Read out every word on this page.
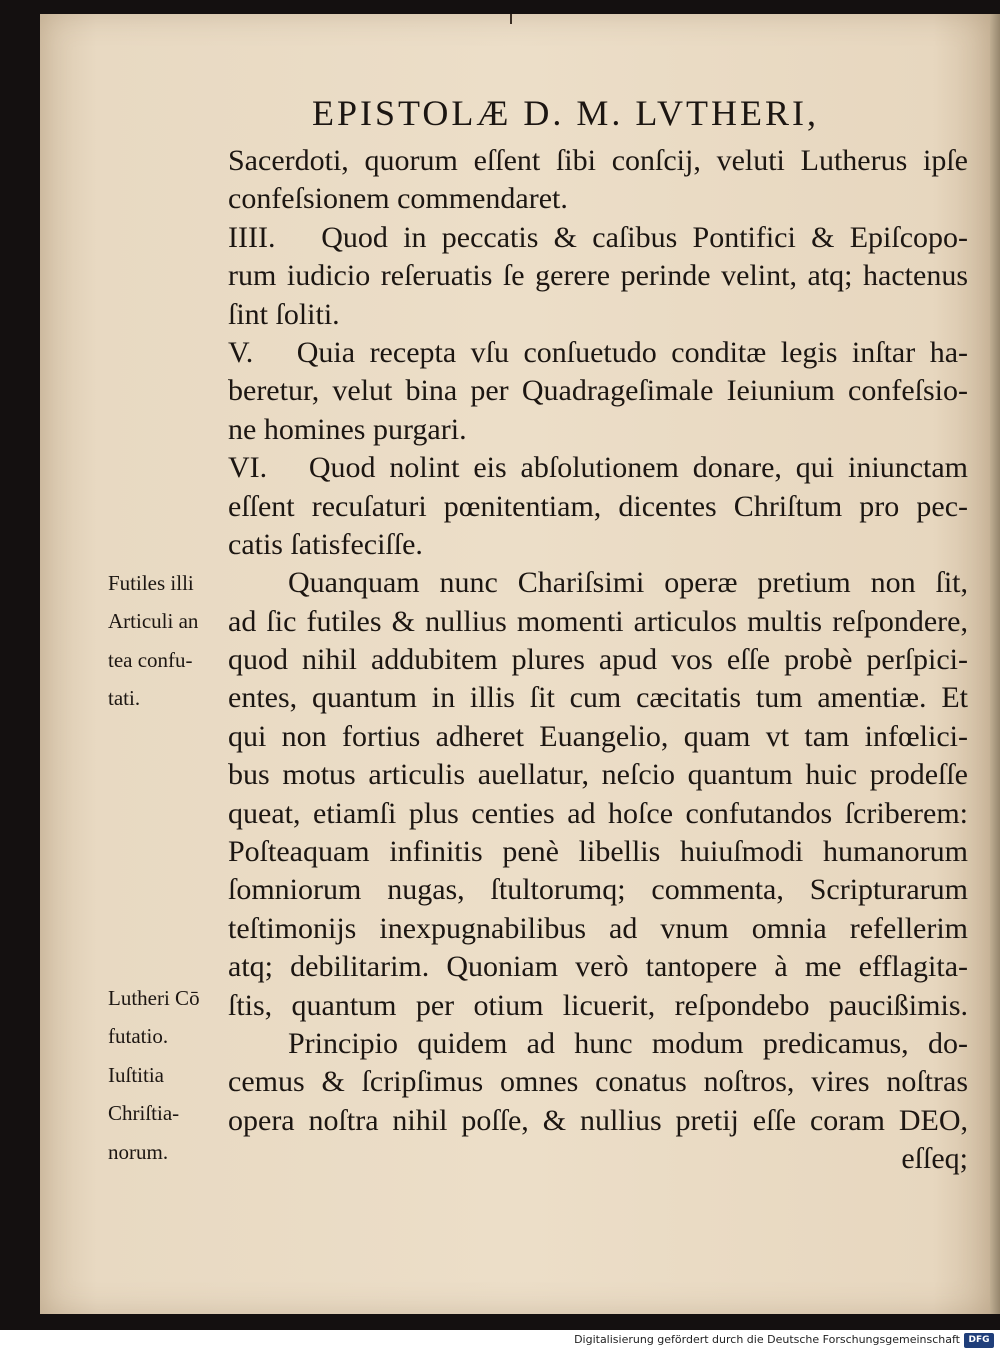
EPISTOLÆ D. M. LVTHERI,
Sacerdoti, quorum eſſent ſibi conſcij, veluti Lutherus ipſe
confeſsionem commendaret.
IIII.   Quod in peccatis & caſibus Pontifici & Epiſcopo-
rum iudicio reſeruatis ſe gerere perinde velint, atq; hactenus
ſint ſoliti.
V.   Quia recepta vſu conſuetudo conditæ legis inſtar ha-
beretur, velut bina per Quadrageſimale Ieiunium confeſsio-
ne homines purgari.
VI.   Quod nolint eis abſolutionem donare, qui iniunctam
eſſent recuſaturi pœnitentiam, dicentes Chriſtum pro pec-
catis ſatisfeciſſe.
Quanquam nunc Chariſsimi operæ pretium non ſit,
ad ſic futiles & nullius momenti articulos multis reſpondere,
quod nihil addubitem plures apud vos eſſe probè perſpici-
entes, quantum in illis ſit cum cæcitatis tum amentiæ. Et
qui non fortius adheret Euangelio, quam vt tam infœlici-
bus motus articulis auellatur, neſcio quantum huic prodeſſe
queat, etiamſi plus centies ad hoſce confutandos ſcriberem:
Poſteaquam infinitis penè libellis huiuſmodi humanorum
ſomniorum nugas, ſtultorumq; commenta, Scripturarum
teſtimonijs inexpugnabilibus ad vnum omnia refellerim
atq; debilitarim. Quoniam verò tantopere à me efflagita-
ſtis, quantum per otium licuerit, reſpondebo paucißimis.
Principio quidem ad hunc modum predicamus, do-
cemus & ſcripſimus omnes conatus noſtros, vires noſtras
opera noſtra nihil poſſe, & nullius pretij eſſe coram DEO,
eſſeq;
Futiles illi
Articuli an
tea confu-
tati.
Lutheri Cō
futatio.
Iuſtitia
Chriſtia-
norum.
Digitalisierung gefördert durch die Deutsche Forschungsgemeinschaft DFG
